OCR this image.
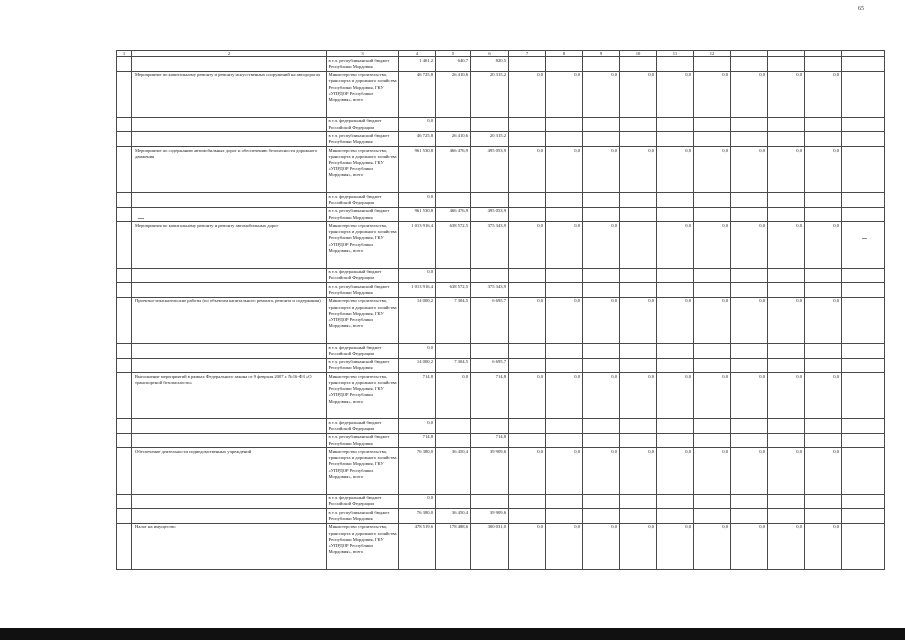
65
1	2	3	4	5	6	7	8	9	10	11	12				
		в т.ч. республиканский бюджет Республики Мордовия	1 461,2	640,7	820,5										
	Мероприятие по капитальному ремонту и ремонту искусственных сооружений на автодорогах	Министерство строительства, транспорта и дорожного хозяйства Республики Мордовия, ГКУ «УПРДОР Республики Мордовия», всего	46 725,8	26 410,6	20 315,2	0,0	0,0	0,0	0,0	0,0	0,0	0,0	0,0	0,0	
		в т.ч. федеральный бюджет Российской Федерации	0,0												
		в т.ч. республиканский бюджет Республики Мордовия	46 725,8	26 410,6	20 315,2										
	Мероприятие по содержанию автомобильных дорог и обеспечению безопасности дорожного движения	Министерство строительства, транспорта и дорожного хозяйства Республики Мордовия, ГКУ «УПРДОР Республики Мордовия», всего	961 530,8	466 476,9	495 053,9	0,0	0,0	0,0	0,0	0,0	0,0	0,0	0,0	0,0	
		в т.ч. федеральный бюджет Российской Федерации	0,0												
		в т.ч. республиканский бюджет Республики Мордовия	961 530,8	466 476,9	495 053,9										
	Мероприятия по капитальному ремонту и ремонту автомобильных дорог	Министерство строительства, транспорта и дорожного хозяйства Республики Мордовия, ГКУ «УПРДОР Республики Мордовия», всего	1 013 916,4	638 572,5	375 343,9	0,0	0,0	0,0		0,0	0,0	0,0	0,0	0,0	
		в т.ч. федеральный бюджет Российской Федерации	0,0												
		в т.ч. республиканский бюджет Республики Мордовия	1 013 916,4	638 572,5	375 343,9										
	Проектно-изыскательские работы (по объектам капитального ремонта, ремонта и содержания)	Министерство строительства, транспорта и дорожного хозяйства Республики Мордовия, ГКУ «УПРДОР Республики Мордовия», всего	14 000,2	7 304,5	6 695,7	0,0	0,0	0,0	0,0	0,0	0,0	0,0	0,0	0,0	
		в т.ч. федеральный бюджет Российской Федерации	0,0												
		в т.ч. республиканский бюджет Республики Мордовия	14 000,2	7 304,5	6 695,7										
	Выполнение мероприятий в рамках Федерального закона от 9 февраля 2007 г. №16-ФЗ «О транспортной безопасности»	Министерство строительства, транспорта и дорожного хозяйства Республики Мордовия, ГКУ «УПРДОР Республики Мордовия», всего	714,8	0,0	714,8	0,0	0,0	0,0	0,0	0,0	0,0	0,0	0,0	0,0	
		в т.ч. федеральный бюджет Российской Федерации	0,0												
		в т.ч. республиканский бюджет Республики Мордовия	714,8		714,8										
	Обеспечение деятельности подведомственных учреждений	Министерство строительства, транспорта и дорожного хозяйства Республики Мордовия, ГКУ «УПРДОР Республики Мордовия», всего	76 380,0	36 450,4	39 909,6	0,0	0,0	0,0	0,0	0,0	0,0	0,0	0,0	0,0	
		в т.ч. федеральный бюджет Российской Федерации	0,0												
		в т.ч. республиканский бюджет Республики Мордовия	76 380,0	36 450,4	39 909,6										
	Налог на имущество	Министерство строительства, транспорта и дорожного хозяйства Республики Мордовия, ГКУ «УПРДОР Республики Мордовия», всего	478 519,6	178 488,6	300 031,0	0,0	0,0	0,0	0,0	0,0	0,0	0,0	0,0	0,0	
